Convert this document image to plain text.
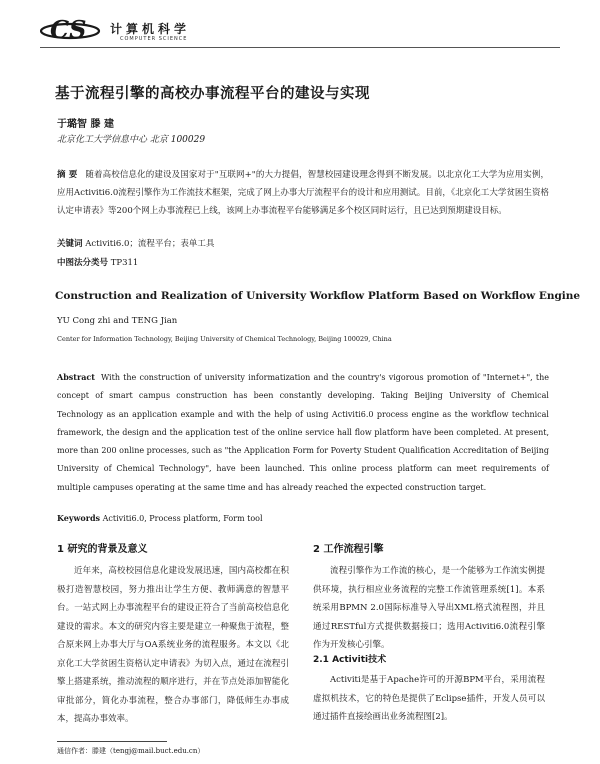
CS 计算机科学
COMPUTER SCIENCE
基于流程引擎的高校办事流程平台的建设与实现
于璐智 滕 建
北京化工大学信息中心 北京 100029
摘 要 随着高校信息化的建设及国家对于"互联网+"的大力提倡，智慧校园建设理念得到不断发展。以北京化工大学为应用实例，应用Activiti6.0流程引擎作为工作流技术框架，完成了网上办事大厅流程平台的设计和应用测试。目前，《北京化工大学贫困生资格认定申请表》等200个网上办事流程已上线，该网上办事流程平台能够满足多个校区同时运行，且已达到预期建设目标。
关键词 Activiti6.0；流程平台；表单工具
中图法分类号 TP311
Construction and Realization of University Workflow Platform Based on Workflow Engine
YU Cong zhi and TENG Jian
Center for Information Technology, Beijing University of Chemical Technology, Beijing 100029, China
Abstract With the construction of university informatization and the country's vigorous promotion of "Internet+", the concept of smart campus construction has been constantly developing. Taking Beijing University of Chemical Technology as an application example and with the help of using Activiti6.0 process engine as the workflow technical framework, the design and the application test of the online service hall flow platform have been completed. At present, more than 200 online processes, such as "the Application Form for Poverty Student Qualification Accreditation of Beijing University of Chemical Technology", have been launched. This online process platform can meet requirements of multiple campuses operating at the same time and has already reached the expected construction target.
Keywords Activiti6.0, Process platform, Form tool
1 研究的背景及意义
近年来，高校校园信息化建设发展迅速，国内高校都在积极打造智慧校园，努力推出让学生方便、教师满意的智慧平台。一站式网上办事流程平台的建设正符合了当前高校信息化建设的需求。本文的研究内容主要是建立一种聚焦于流程，整合原来网上办事大厅与OA系统业务的流程服务。本文以《北京化工大学贫困生资格认定申请表》为切入点，通过在流程引擎上搭建系统，推动流程的顺序进行，并在节点处添加智能化审批部分，简化办事流程，整合办事部门，降低师生办事成本，提高办事效率。
2 工作流程引擎
流程引擎作为工作流的核心，是一个能够为工作流实例提供环境，执行相应业务流程的完整工作流管理系统[1]。本系统采用BPMN 2.0国际标准导入导出XML格式流程图，并且通过RESTful方式提供数据接口；选用Activiti6.0流程引擎作为开发核心引擎。
2.1 Activiti技术
Activiti是基于Apache许可的开源BPM平台，采用流程虚拟机技术，它的特色是提供了Eclipse插件，开发人员可以通过插件直接绘画出业务流程图[2]。
通信作者：滕建（tengj@mail.buct.edu.cn）
